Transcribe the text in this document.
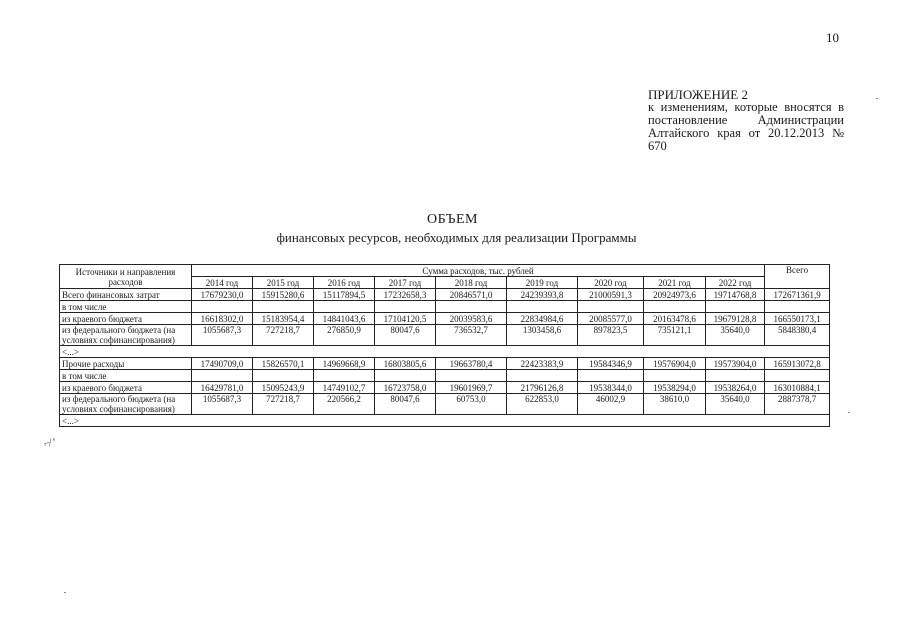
10
ПРИЛОЖЕНИЕ 2
к изменениям, которые вносятся в постановление Администрации Алтайского края от 20.12.2013 № 670
ОБЪЕМ
финансовых ресурсов, необходимых для реализации Программы
Источники и направления расходов	Сумма расходов, тыс. рублей									Всего
	2014 год	2015 год	2016 год	2017 год	2018 год	2019 год	2020 год	2021 год	2022 год	
Всего финансовых затрат	17679230,0	15915280,6	15117894,5	17232658,3	20846571,0	24239393,8	21000591,3	20924973,6	19714768,8	172671361,9
в том числе										
из краевого бюджета	16618302,0	15183954,4	14841043,6	17104120,5	20039583,6	22834984,6	20085577,0	20163478,6	19679128,8	166550173,1
из федерального бюджета (на условиях софинансирования)	1055687,3	727218,7	276850,9	80047,6	736532,7	1303458,6	897823,5	735121,1	35640,0	5848380,4
<...>										
Прочие расходы	17490709,0	15826570,1	14969668,9	16803805,6	19663780,4	22423383,9	19584346,9	19576904,0	19573904,0	165913072,8
в том числе										
из краевого бюджета	16429781,0	15095243,9	14749102,7	16723758,0	19601969,7	21796126,8	19538344,0	19538294,0	19538264,0	163010884,1
из федерального бюджета (на условиях софинансирования)	1055687,3	727218,7	220566,2	80047,6	60753,0	622853,0	46002,9	38610,0	35640,0	2887378,7
<...>										
⌐̸ ʻ
